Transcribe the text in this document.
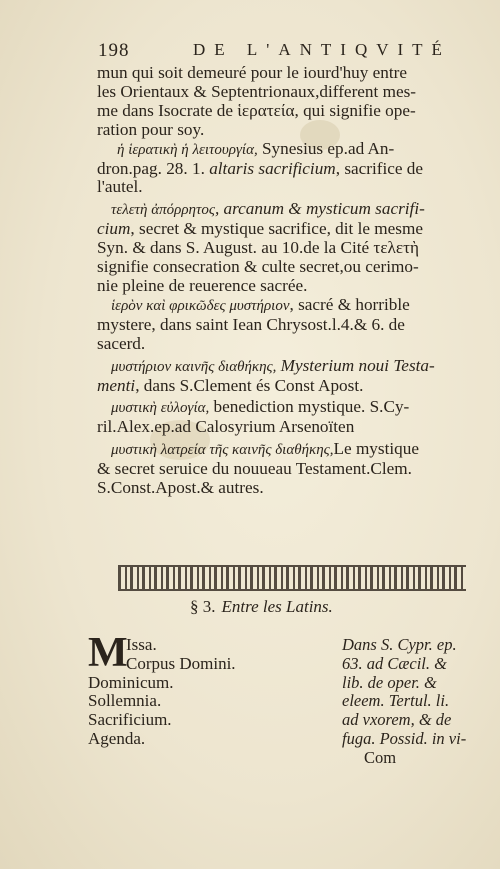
198	DE L'ANTIQVITÉ

mun qui soit demeuré pour le iourd'huy entre

les Orientaux & Septentrionaux,different mes-

me dans Isocrate de ἱερατεία, qui signifie ope-

ration pour soy.

ἡ ἱερατικὴ ἡ λειτουργία, Synesius ep.ad An-

dron.pag. 28. 1. altaris sacrificium, sacrifice de

l'autel.

τελετὴ ἀπόρρητος, arcanum & mysticum sacrifi-

cium, secret & mystique sacrifice, dit le mesme

Syn. & dans S. August. au 10.de la Cité τελετὴ

signifie consecration & culte secret,ou cerimo-

nie pleine de reuerence sacrée.

ἱερὸν καὶ φρικῶδες μυστήριον, sacré & horrible

mystere, dans saint Iean Chrysost.l.4.& 6. de

sacerd.

μυστήριον καινῆς διαθήκης, Mysterium noui Testa-

menti, dans S.Clement és Const Apost.

μυστικὴ εὐλογία, benediction mystique. S.Cy-

ril.Alex.ep.ad Calosyrium Arsenoïten

μυστικὴ λατρεία τῆς καινῆς διαθήκης,Le mystique

& secret seruice du nouueau Testament.Clem.

S.Const.Apost.& autres.

§ 3. Entre les Latins.
M

Issa.

Corpus Domini.

Dominicum.

Sollemnia.

Sacrificium.

Agenda.

Dans S. Cypr. ep.
63. ad Cæcil. &
lib. de oper. &
eleem. Tertul. li.
ad vxorem, & de
fuga. Possid. in vi-
Com
